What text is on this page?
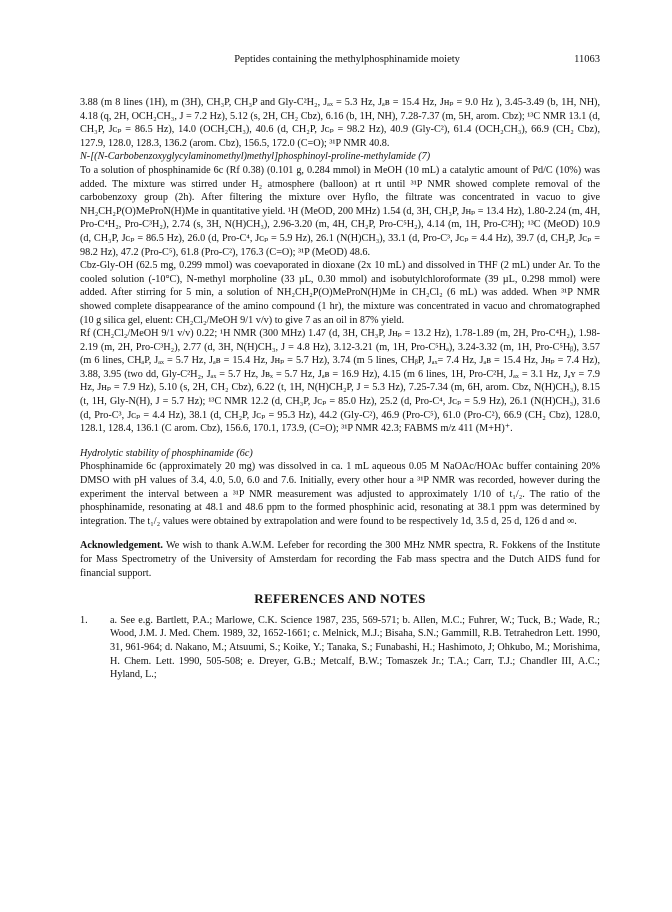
Peptides containing the methylphosphinamide moiety	11063

3.88 (m 8 lines (1H), m (3H), CH₃P, CH₃P and Gly-C²H₂, Jₐₓ = 5.3 Hz, Jₐʙ = 15.4 Hz, Jʜₚ = 9.0 Hz ), 3.45-3.49 (b, 1H, NH), 4.18 (q, 2H, OCH₂CH₃, J = 7.2 Hz), 5.12 (s, 2H, CH₂ Cbz), 6.16 (b, 1H, NH), 7.28-7.37 (m, 5H, arom. Cbz); ¹³C NMR 13.1 (d, CH₃P, Jᴄₚ = 86.5 Hz), 14.0 (OCH₂CH₃), 40.6 (d, CH₂P, Jᴄₚ = 98.2 Hz), 40.9 (Gly-C²), 61.4 (OCH₂CH₃), 66.9 (CH₂ Cbz), 127.9, 128.0, 128.3, 136.2 (arom. Cbz), 156.5, 172.0 (C=O); ³¹P NMR 40.8.

N-[(N-Carbobenzoxyglycylaminomethyl)methyl]phosphinoyl-proline-methylamide (7)

To a solution of phosphinamide 6c (Rf 0.38) (0.101 g, 0.284 mmol) in MeOH (10 mL) a catalytic amount of Pd/C (10%) was added. The mixture was stirred under H₂ atmosphere (balloon) at rt until ³¹P NMR showed complete removal of the carbobenzoxy group (2h). After filtering the mixture over Hyflo, the filtrate was concentrated in vacuo to give NH₂CH₂P(O)MeProN(H)Me in quantitative yield. ¹H (MeOD, 200 MHz) 1.54 (d, 3H, CH₃P, Jʜₚ = 13.4 Hz), 1.80-2.24 (m, 4H, Pro-C⁴H₂, Pro-C³H₂), 2.74 (s, 3H, N(H)CH₃), 2.96-3.20 (m, 4H, CH₂P, Pro-C⁵H₂), 4.14 (m, 1H, Pro-C²H); ¹³C (MeOD) 10.9 (d, CH₃P, Jᴄₚ = 86.5 Hz), 26.0 (d, Pro-C⁴, Jᴄₚ = 5.9 Hz), 26.1 (N(H)CH₃), 33.1 (d, Pro-C³, Jᴄₚ = 4.4 Hz), 39.7 (d, CH₂P, Jᴄₚ = 98.2 Hz), 47.2 (Pro-C⁵), 61.8 (Pro-C²), 176.3 (C=O); ³¹P (MeOD) 48.6.

Cbz-Gly-OH (62.5 mg, 0.299 mmol) was coevaporated in dioxane (2x 10 mL) and dissolved in THF (2 mL) under Ar. To the cooled solution (-10°C), N-methyl morpholine (33 µL, 0.30 mmol) and isobutylchloroformate (39 µL, 0.298 mmol) were added. After stirring for 5 min, a solution of NH₂CH₂P(O)MeProN(H)Me in CH₂Cl₂ (6 mL) was added. When ³¹P NMR showed complete disappearance of the amino compound (1 hr), the mixture was concentrated in vacuo and chromatographed (10 g silica gel, eluent: CH₂Cl₂/MeOH 9/1 v/v) to give 7 as an oil in 87% yield.

Rf (CH₂Cl₂/MeOH 9/1 v/v) 0.22; ¹H NMR (300 MHz) 1.47 (d, 3H, CH₃P, Jʜₚ = 13.2 Hz), 1.78-1.89 (m, 2H, Pro-C⁴H₂), 1.98-2.19 (m, 2H, Pro-C³H₂), 2.77 (d, 3H, N(H)CH₃, J = 4.8 Hz), 3.12-3.21 (m, 1H, Pro-C⁵Hₐ), 3.24-3.32 (m, 1H, Pro-C⁵Hᵦ), 3.57 (m 6 lines, CHₐP, Jₐₓ = 5.7 Hz, Jₐʙ = 15.4 Hz, Jʜₚ = 5.7 Hz), 3.74 (m 5 lines, CHᵦP, Jₐₓ= 7.4 Hz, Jₐʙ = 15.4 Hz, Jʜₚ = 7.4 Hz), 3.88, 3.95 (two dd, Gly-C²H₂, Jₐₓ = 5.7 Hz, Jʙₓ = 5.7 Hz, Jₐʙ = 16.9 Hz), 4.15 (m 6 lines, 1H, Pro-C²H, Jₐₓ = 3.1 Hz, Jₐʏ = 7.9 Hz, Jʜₚ = 7.9 Hz), 5.10 (s, 2H, CH₂ Cbz), 6.22 (t, 1H, N(H)CH₂P, J = 5.3 Hz), 7.25-7.34 (m, 6H, arom. Cbz, N(H)CH₃), 8.15 (t, 1H, Gly-N(H), J = 5.7 Hz); ¹³C NMR 12.2 (d, CH₃P, Jᴄₚ = 85.0 Hz), 25.2 (d, Pro-C⁴, Jᴄₚ = 5.9 Hz), 26.1 (N(H)CH₃), 31.6 (d, Pro-C³, Jᴄₚ = 4.4 Hz), 38.1 (d, CH₂P, Jᴄₚ = 95.3 Hz), 44.2 (Gly-C²), 46.9 (Pro-C⁵), 61.0 (Pro-C²), 66.9 (CH₂ Cbz), 128.0, 128.1, 128.4, 136.1 (C arom. Cbz), 156.6, 170.1, 173.9, (C=O); ³¹P NMR 42.3; FABMS m/z 411 (M+H)⁺.

Hydrolytic stability of phosphinamide (6c)

Phosphinamide 6c (approximately 20 mg) was dissolved in ca. 1 mL aqueous 0.05 M NaOAc/HOAc buffer containing 20% DMSO with pH values of 3.4, 4.0, 5.0, 6.0 and 7.6. Initially, every other hour a ³¹P NMR was recorded, however during the experiment the interval between a ³¹P NMR measurement was adjusted to approximately 1/10 of t₁/₂. The ratio of the phosphinamide, resonating at 48.1 and 48.6 ppm to the formed phosphinic acid, resonating at 38.1 ppm was determined by integration. The t₁/₂ values were obtained by extrapolation and were found to be respectively 1d, 3.5 d, 25 d, 126 d and ∞.

Acknowledgement. We wish to thank A.W.M. Lefeber for recording the 300 MHz NMR spectra, R. Fokkens of the Institute for Mass Spectrometry of the University of Amsterdam for recording the Fab mass spectra and the Dutch AIDS fund for financial support.

REFERENCES AND NOTES
1.	a. See e.g. Bartlett, P.A.; Marlowe, C.K. Science 1987, 235, 569-571; b. Allen, M.C.; Fuhrer, W.; Tuck, B.; Wade, R.; Wood, J.M. J. Med. Chem. 1989, 32, 1652-1661; c. Melnick, M.J.; Bisaha, S.N.; Gammill, R.B. Tetrahedron Lett. 1990, 31, 961-964; d. Nakano, M.; Atsuumi, S.; Koike, Y.; Tanaka, S.; Funabashi, H.; Hashimoto, J; Ohkubo, M.; Morishima, H. Chem. Lett. 1990, 505-508; e. Dreyer, G.B.; Metcalf, B.W.; Tomaszek Jr.; T.A.; Carr, T.J.; Chandler III, A.C.; Hyland, L.;
